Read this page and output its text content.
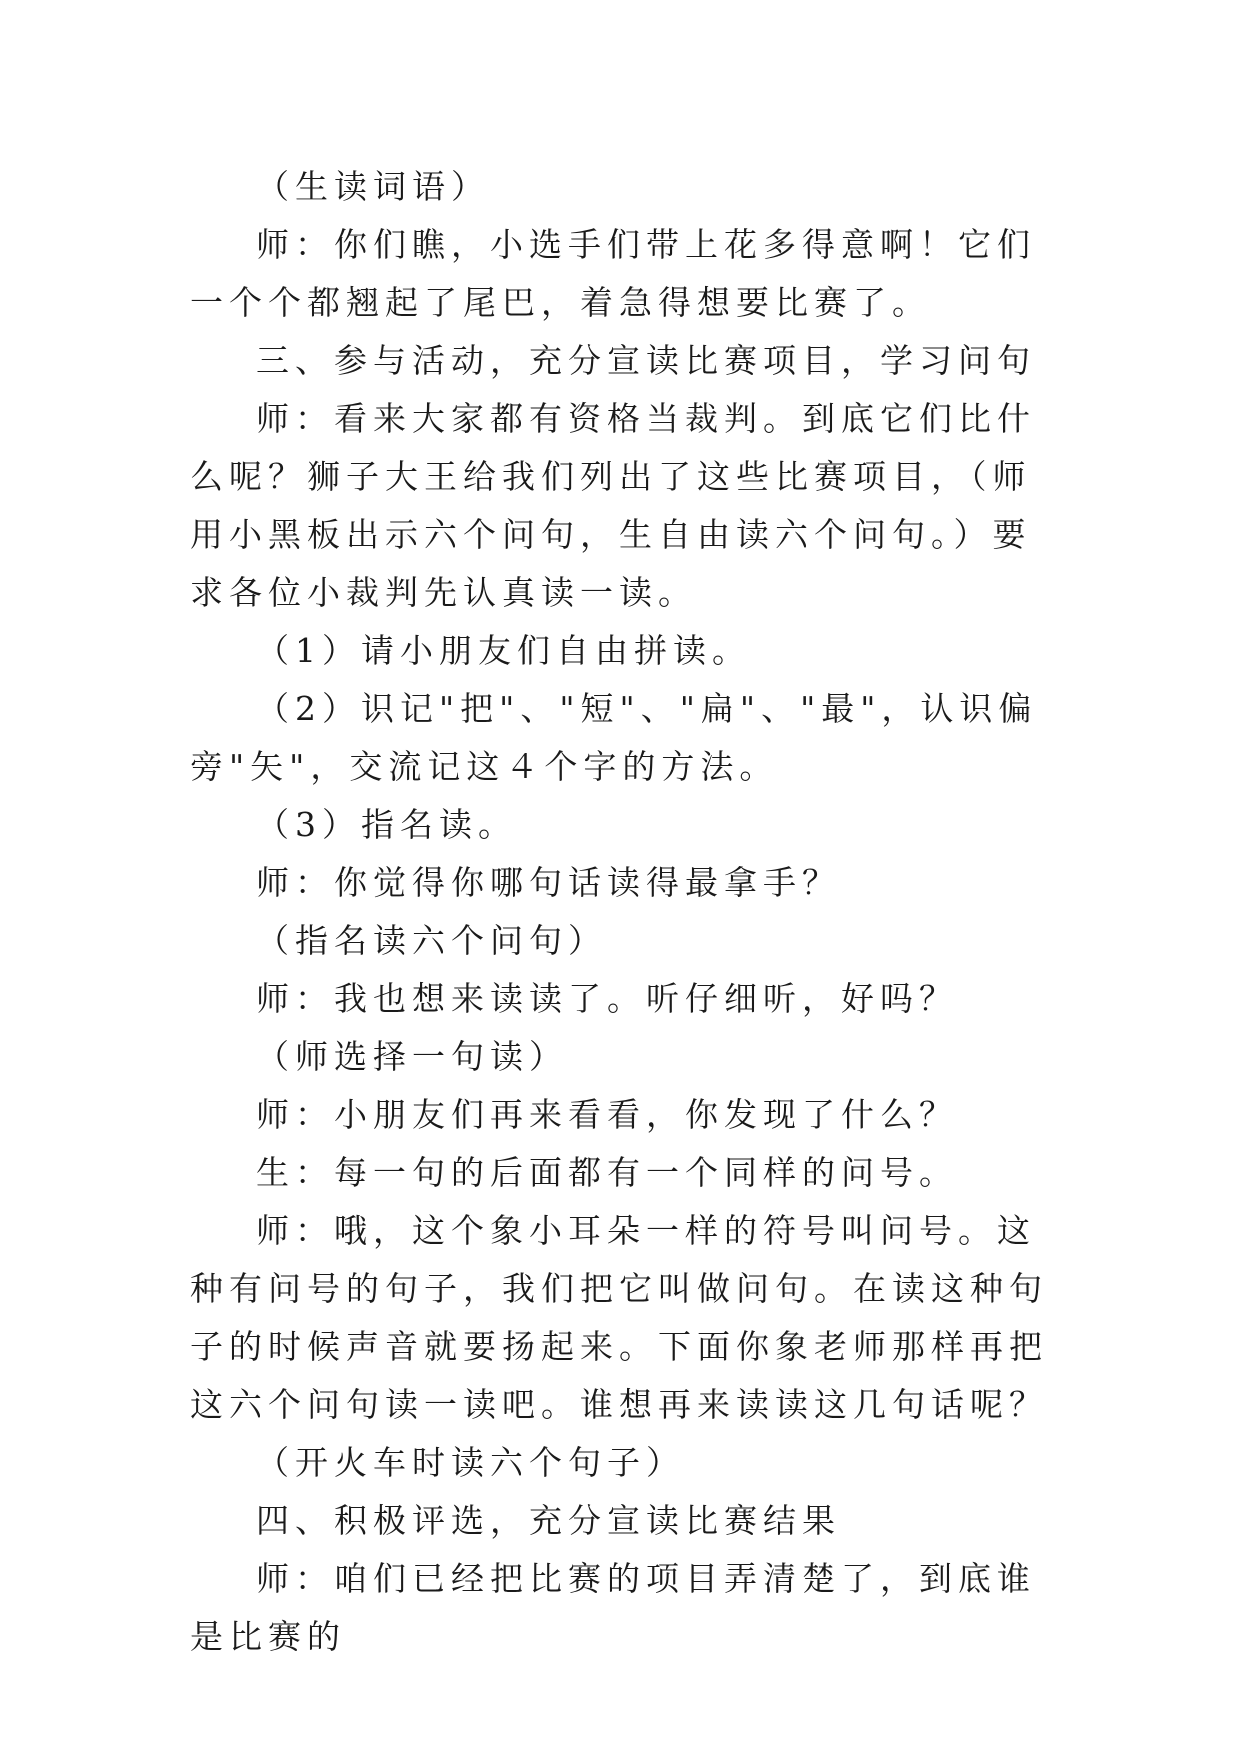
（生读词语）

师：你们瞧，小选手们带上花多得意啊！它们一个个都翘起了尾巴，着急得想要比赛了。

三、参与活动，充分宣读比赛项目，学习问句

师：看来大家都有资格当裁判。到底它们比什么呢？狮子大王给我们列出了这些比赛项目，（师用小黑板出示六个问句，生自由读六个问句。）要求各位小裁判先认真读一读。

（1）请小朋友们自由拼读。

（2）识记"把"、"短"、"扁"、"最"，认识偏旁"矢"，交流记这４个字的方法。

（3）指名读。

师：你觉得你哪句话读得最拿手？

（指名读六个问句）

师：我也想来读读了。听仔细听，好吗？

（师选择一句读）

师：小朋友们再来看看，你发现了什么？

生：每一句的后面都有一个同样的问号。

师：哦，这个象小耳朵一样的符号叫问号。这种有问号的句子，我们把它叫做问句。在读这种句子的时候声音就要扬起来。下面你象老师那样再把这六个问句读一读吧。谁想再来读读这几句话呢？

（开火车时读六个句子）

四、积极评选，充分宣读比赛结果

师：咱们已经把比赛的项目弄清楚了，到底谁是比赛的
